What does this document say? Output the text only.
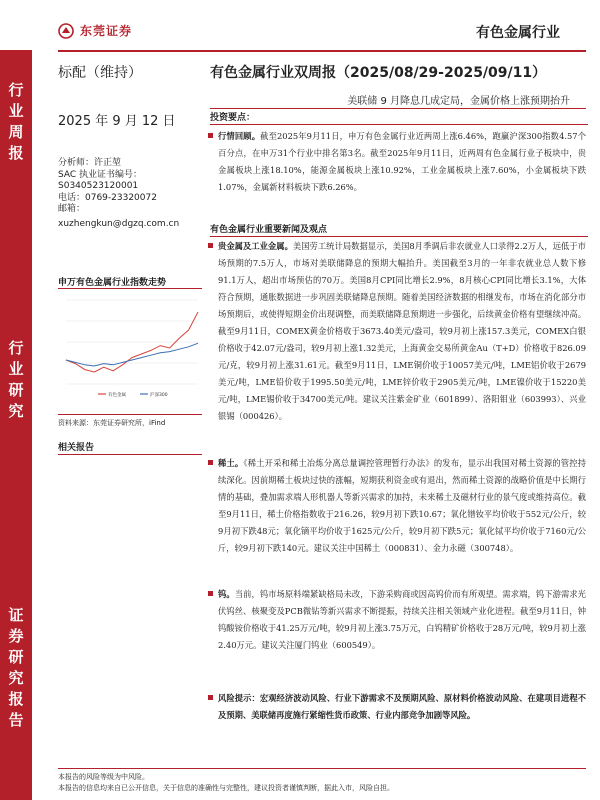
东莞证券	有色金属行业
行
业
周
报
行
业
研
究
证
券
研
究
报
告
标配（维持）
2025 年 9 月 12 日
分析师：许正堃
SAC 执业证书编号：
S0340523120001
电话：0769-23320072
邮箱：
xuzhengkun@dgzq.com.cn
申万有色金属行业指数走势
有色金属	沪深300
资料来源：东莞证券研究所，iFind
相关报告
有色金属行业双周报（2025/08/29-2025/09/11）
美联储 9 月降息几成定局，金属价格上涨预期抬升
投资要点：
行情回顾。截至2025年9月11日，申万有色金属行业近两周上涨6.46%，跑赢沪深300指数4.57个百分点，在申万31个行业中排名第3名。截至2025年9月11日，近两周有色金属行业子板块中，贵金属板块上涨18.10%，能源金属板块上涨10.92%，工业金属板块上涨7.60%，小金属板块下跌1.07%，金属新材料板块下跌6.26%。
有色金属行业重要新闻及观点
贵金属及工业金属。美国劳工统计局数据显示，美国8月季调后非农就业人口录得2.2万人，远低于市场预期的7.5万人，市场对美联储降息的预期大幅抬升。美国截至3月的一年非农就业总人数下修91.1万人，超出市场预估的70万。美国8月CPI同比增长2.9%，8月核心CPI同比增长3.1%，大体符合预期，通胀数据进一步巩固美联储降息预期。随着美国经济数据的相继发布，市场在消化部分市场预期后，或使得短期金价出现调整，而美联储降息预期进一步强化，后续黄金价格有望继续冲高。截至9月11日，COMEX黄金价格收于3673.40美元/盎司，较9月初上涨157.3美元，COMEX白银价格收于42.07元/盎司，较9月初上涨1.32美元，上海黄金交易所黄金Au（T+D）价格收于826.09元/克，较9月初上涨31.61元。截至9月11日，LME铜价收于10057美元/吨，LME铝价收于2679美元/吨，LME铅价收于1995.50美元/吨，LME锌价收于2905美元/吨，LME镍价收于15220美元/吨，LME锡价收于34700美元/吨。建议关注紫金矿业（601899）、洛阳钼业（603993）、兴业银锡（000426）。
稀土。《稀土开采和稀土冶炼分离总量调控管理暂行办法》的发布，显示出我国对稀土资源的管控持续深化。因前期稀土板块过快的涨幅，短期获利资金或有退出，然而稀土资源的战略价值是中长期行情的基础，叠加需求端人形机器人等新兴需求的加持，未来稀土及磁材行业的景气度或维持高位。截至9月11日，稀土价格指数收于216.26，较9月初下跌10.67；氧化镨钕平均价收于552元/公斤，较9月初下跌48元；氧化镝平均价收于1625元/公斤，较9月初下跌5元；氧化铽平均价收于7160元/公斤，较9月初下跌140元。建议关注中国稀土（000831）、金力永磁（300748）。
钨。当前，钨市场原料端紧缺格局未改，下游采购商或因高钨价而有所观望。需求端，钨下游需求光伏钨丝、核聚变及PCB微钻等新兴需求不断提振，持续关注相关领域产业化进程。截至9月11日，钟钨酸铵价格收于41.25万元/吨，较9月初上涨3.75万元，白钨精矿价格收于28万元/吨，较9月初上涨2.40万元。建议关注厦门钨业（600549）。
风险提示：宏观经济波动风险、行业下游需求不及预期风险、原材料价格波动风险、在建项目进程不及预期、美联储再度施行紧缩性货币政策、行业内部竞争加剧等风险。
本报告的风险等级为中风险。
本报告的信息均来自已公开信息，关于信息的准确性与完整性，建议投资者谨慎判断，据此入市，风险自担。
